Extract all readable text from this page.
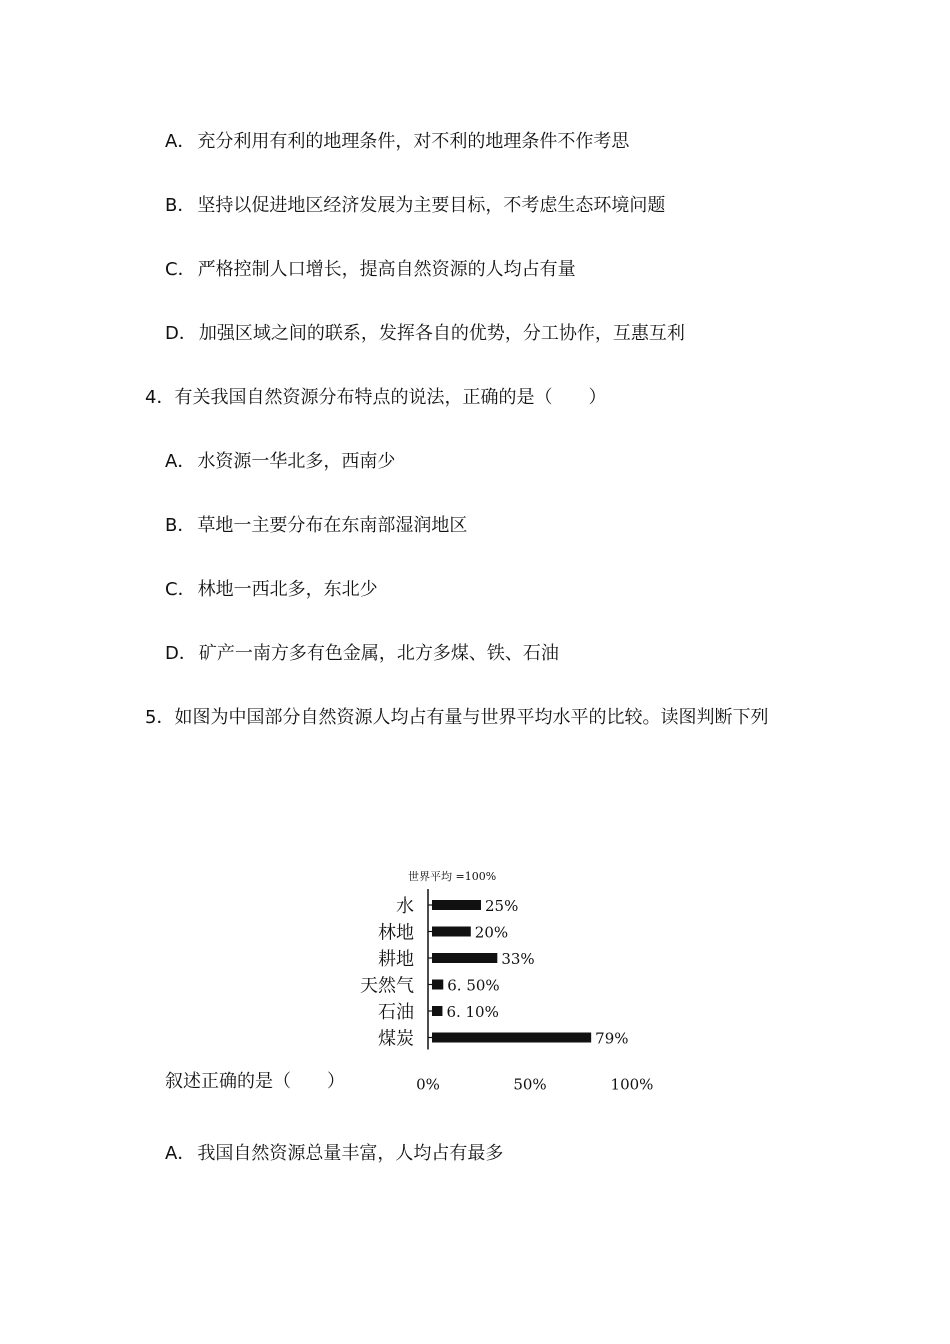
A． 充分利用有利的地理条件，对不利的地理条件不作考思
B． 坚持以促进地区经济发展为主要目标，不考虑生态环境问题
C． 严格控制人口增长，提高自然资源的人均占有量
D． 加强区域之间的联系，发挥各自的优势，分工协作，互惠互利
4．有关我国自然资源分布特点的说法，正确的是（　　）
A． 水资源一华北多，西南少
B． 草地一主要分布在东南部湿润地区
C． 林地一西北多，东北少
D． 矿产一南方多有色金属，北方多煤、铁、石油
5．如图为中国部分自然资源人均占有量与世界平均水平的比较。读图判断下列
世界平均 =100%
水	25%
林地	20%
耕地	33%
天然气 6. 50%
石油 6. 10%
煤炭	79%
0%	50%	100%
叙述正确的是（　　）
A． 我国自然资源总量丰富，人均占有最多
